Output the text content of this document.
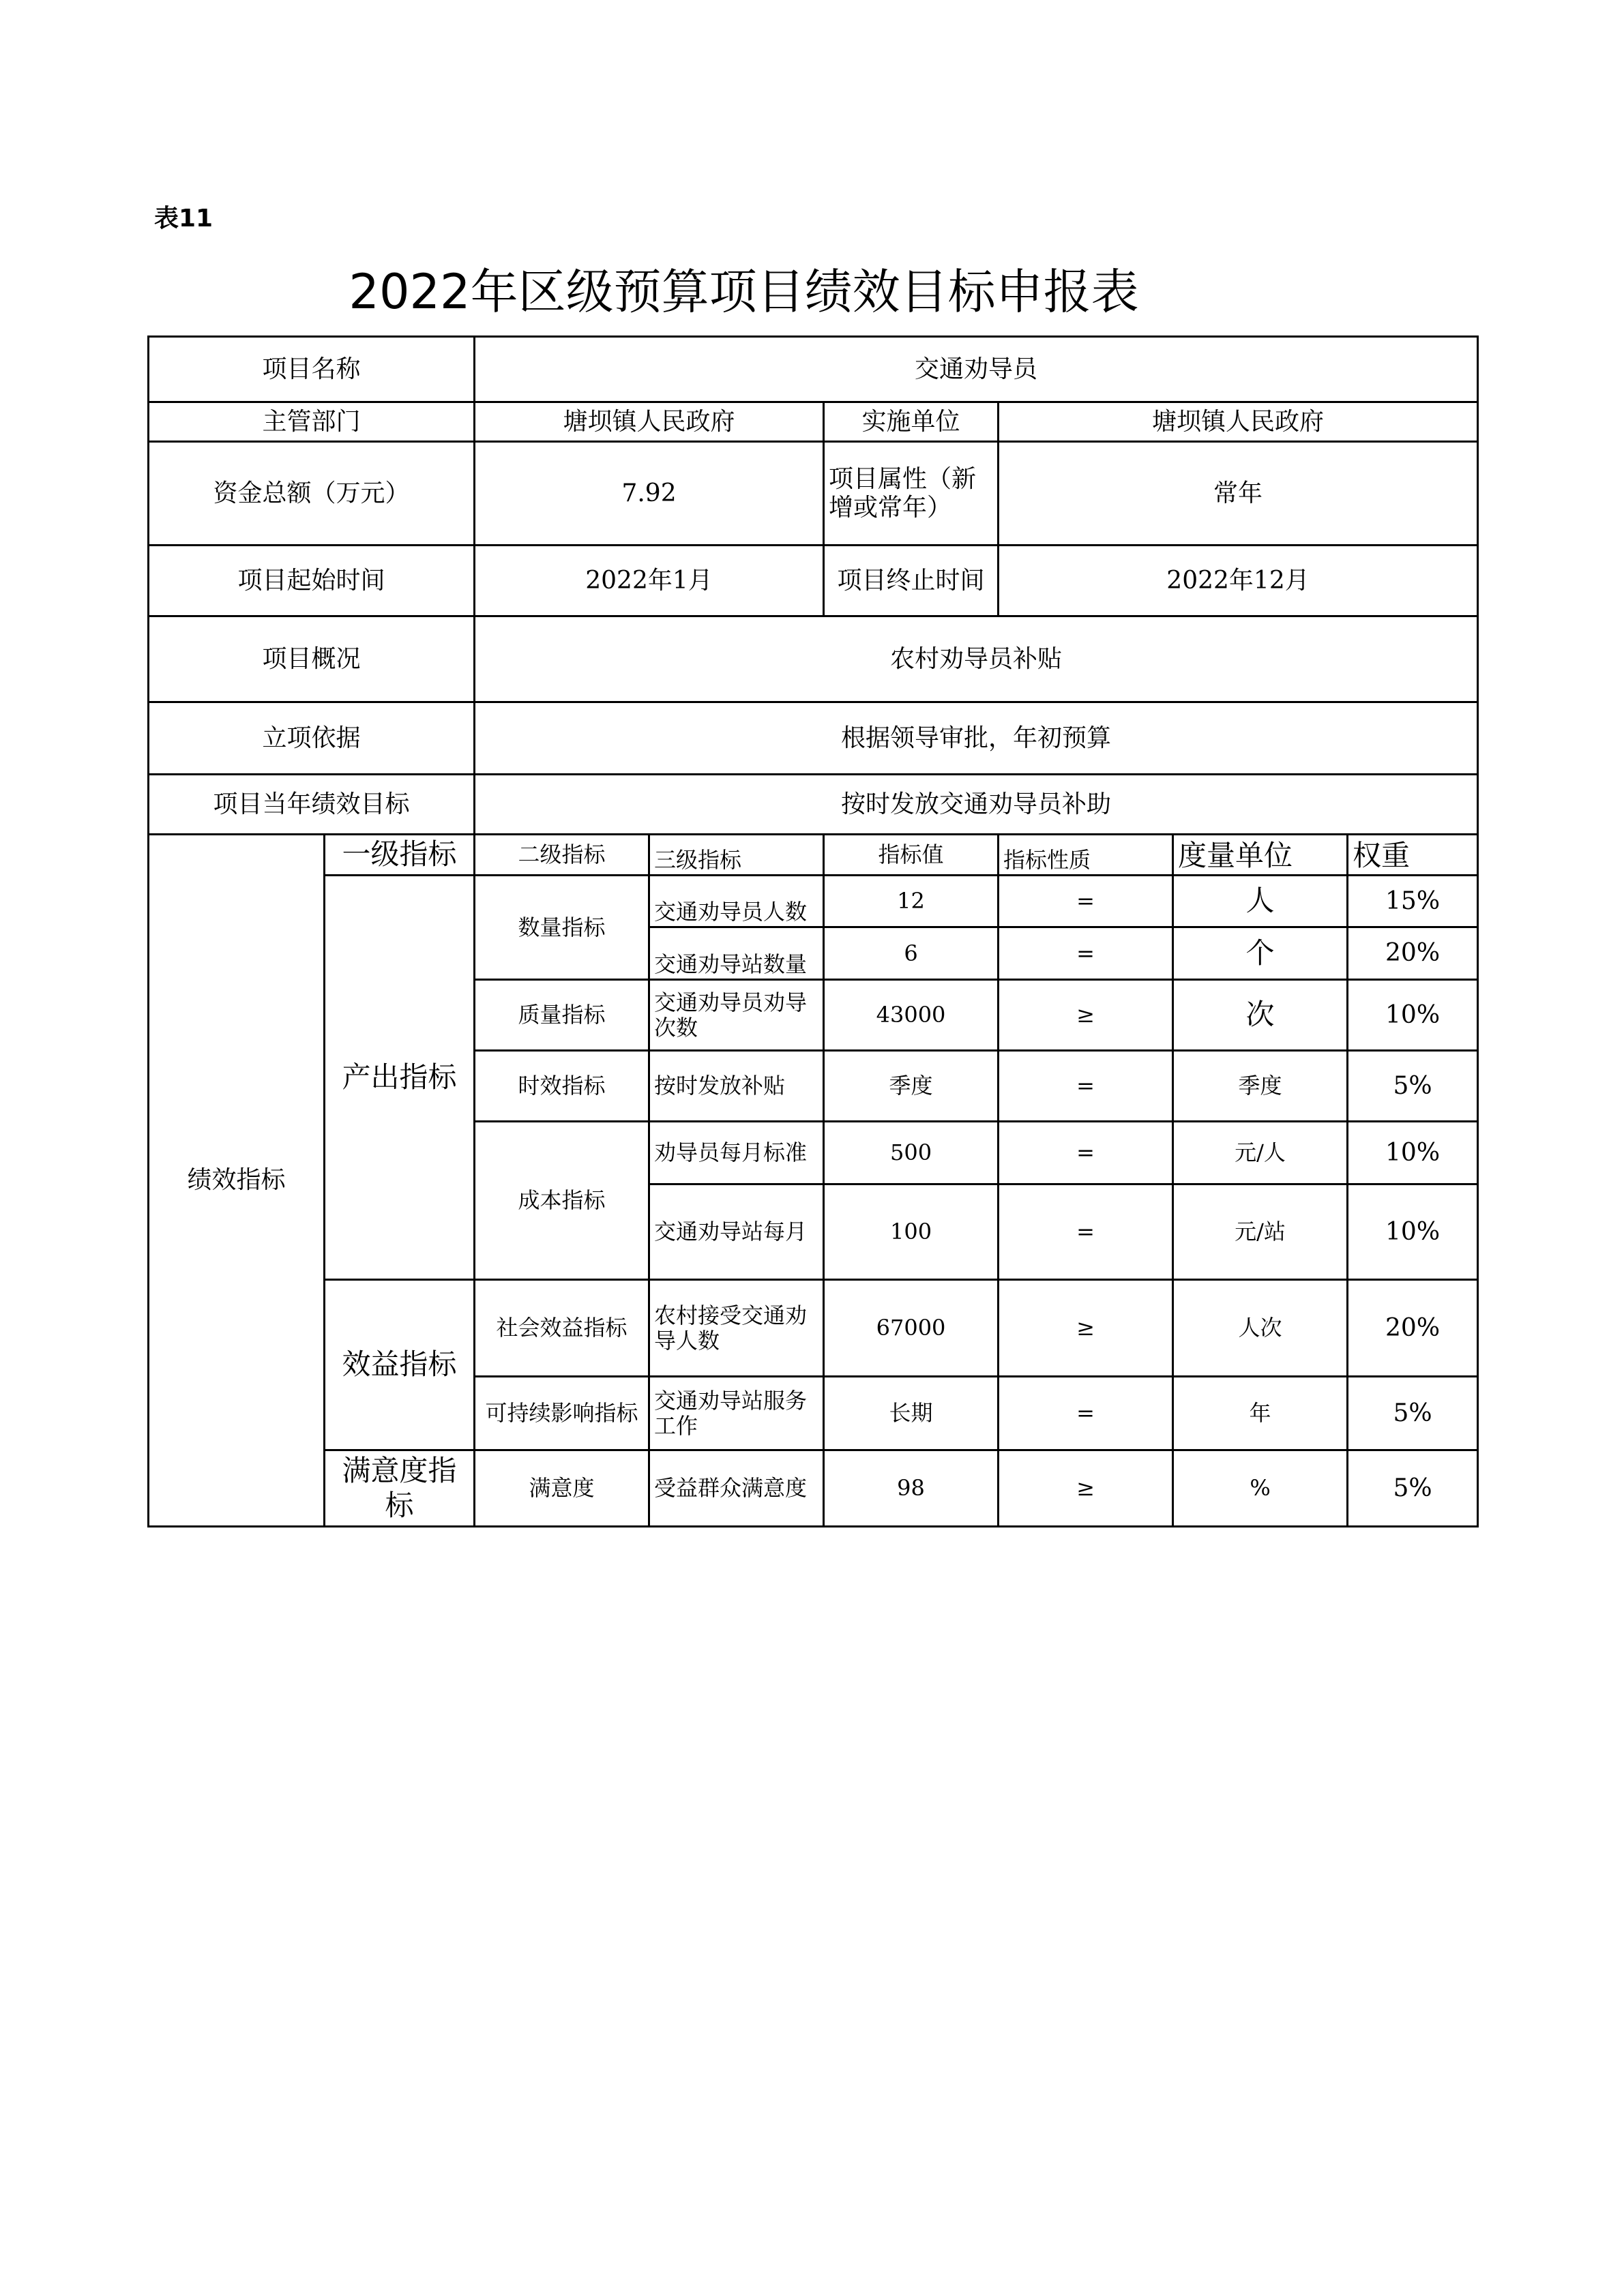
表11
2022年区级预算项目绩效目标申报表
项目名称		交通劝导员					
主管部门		塘坝镇人民政府		实施单位	塘坝镇人民政府		
资金总额（万元）		7.92		项目属性（新增或常年）	常年		
项目起始时间		2022年1月		项目终止时间	2022年12月		
项目概况		农村劝导员补贴					
立项依据		根据领导审批，年初预算					
项目当年绩效目标		按时发放交通劝导员补助					
绩效指标	一级指标	二级指标	三级指标	指标值	指标性质	度量单位	权重
	产出指标	数量指标	交通劝导员人数	12	=	人	15%
			交通劝导站数量	6	=	个	20%
		质量指标	交通劝导员劝导次数	43000	≥	次	10%
		时效指标	按时发放补贴	季度	=	季度	5%
		成本指标	劝导员每月标准	500	=	元/人	10%
			交通劝导站每月	100	=	元/站	10%

	效益指标	社会效益指标	农村接受交通劝导人数	67000	≥	人次	20%
		可持续影响指标	交通劝导站服务工作	长期	=	年	5%
	满意度指标	满意度	受益群众满意度	98	≥	%	5%
